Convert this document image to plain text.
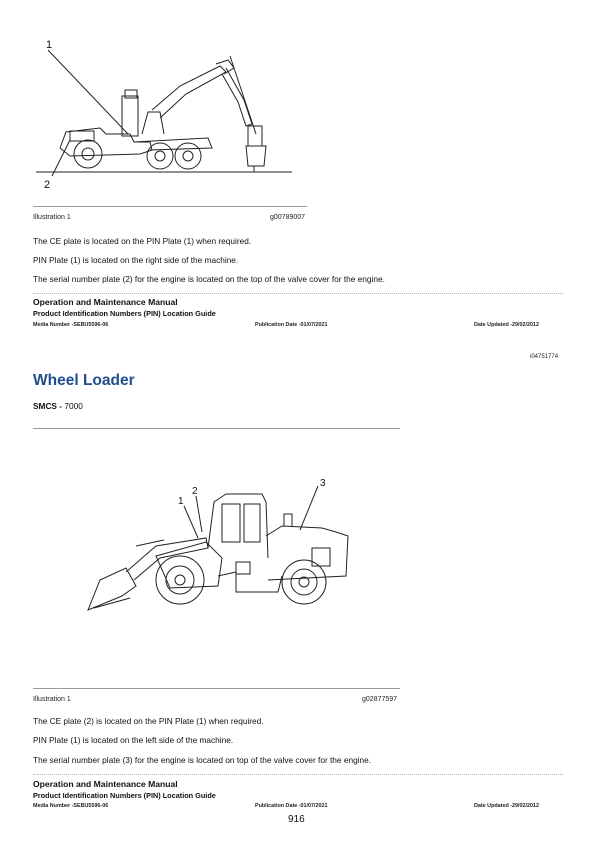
1
2
Illustration 1	g00789007
The CE plate is located on the PIN Plate (1) when required.
PIN Plate (1) is located on the right side of the machine.
The serial number plate (2) for the engine is located on the top of the valve cover for the engine.
Operation and Maintenance Manual
Product Identification Numbers (PIN) Location Guide
Media Number -SEBU5596-06	Publication Date -01/07/2021	Date Updated -29/02/2012
i04751774
Wheel Loader
SMCS - 7000
1
2
3
Illustration 1	g02877597
The CE plate (2) is located on the PIN Plate (1) when required.
PIN Plate (1) is located on the left side of the machine.
The serial number plate (3) for the engine is located on top of the valve cover for the engine.
Operation and Maintenance Manual
Product Identification Numbers (PIN) Location Guide
Media Number -SEBU5596-06	Publication Date -01/07/2021	Date Updated -29/02/2012
916
